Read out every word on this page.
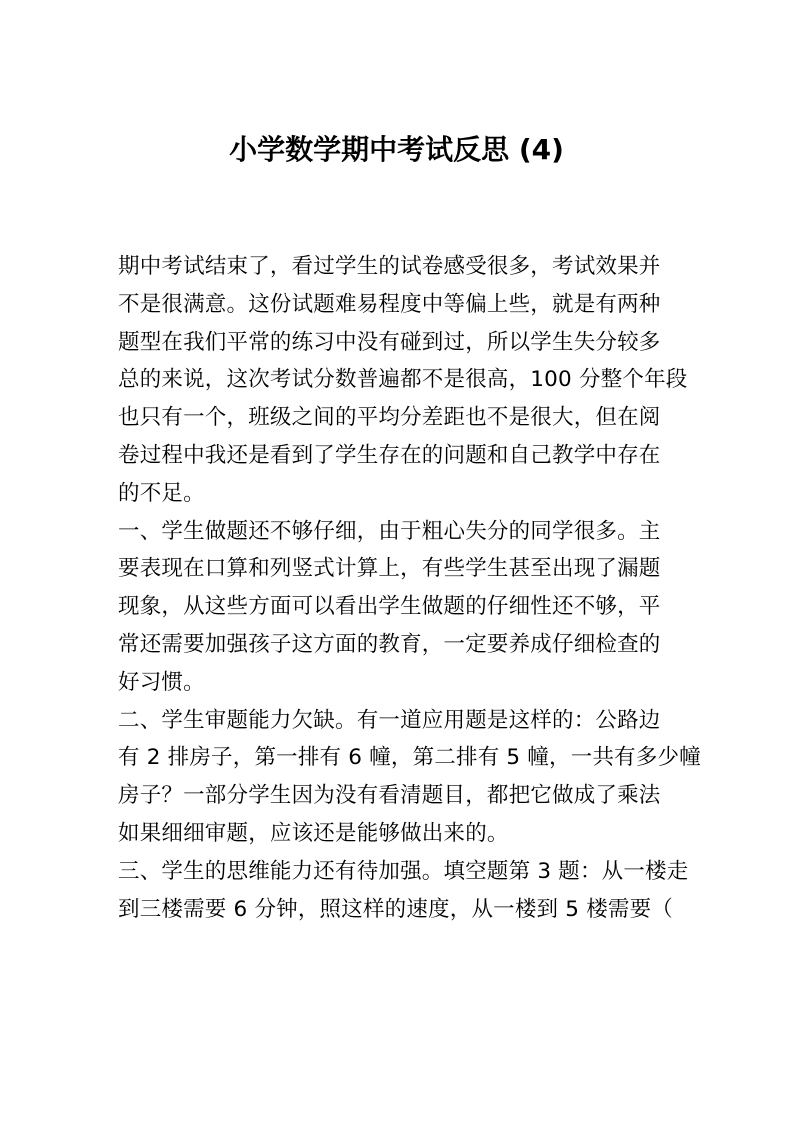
小学数学期中考试反思 (4)
期中考试结束了，看过学生的试卷感受很多，考试效果并
不是很满意。这份试题难易程度中等偏上些，就是有两种
题型在我们平常的练习中没有碰到过，所以学生失分较多
总的来说，这次考试分数普遍都不是很高，100 分整个年段
也只有一个，班级之间的平均分差距也不是很大，但在阅
卷过程中我还是看到了学生存在的问题和自己教学中存在
的不足。
一、学生做题还不够仔细，由于粗心失分的同学很多。主
要表现在口算和列竖式计算上，有些学生甚至出现了漏题
现象，从这些方面可以看出学生做题的仔细性还不够，平
常还需要加强孩子这方面的教育，一定要养成仔细检查的
好习惯。
二、学生审题能力欠缺。有一道应用题是这样的：公路边
有 2 排房子，第一排有 6 幢，第二排有 5 幢，一共有多少幢
房子？一部分学生因为没有看清题目，都把它做成了乘法
如果细细审题，应该还是能够做出来的。
三、学生的思维能力还有待加强。填空题第 3 题：从一楼走
到三楼需要 6 分钟，照这样的速度，从一楼到 5 楼需要（
